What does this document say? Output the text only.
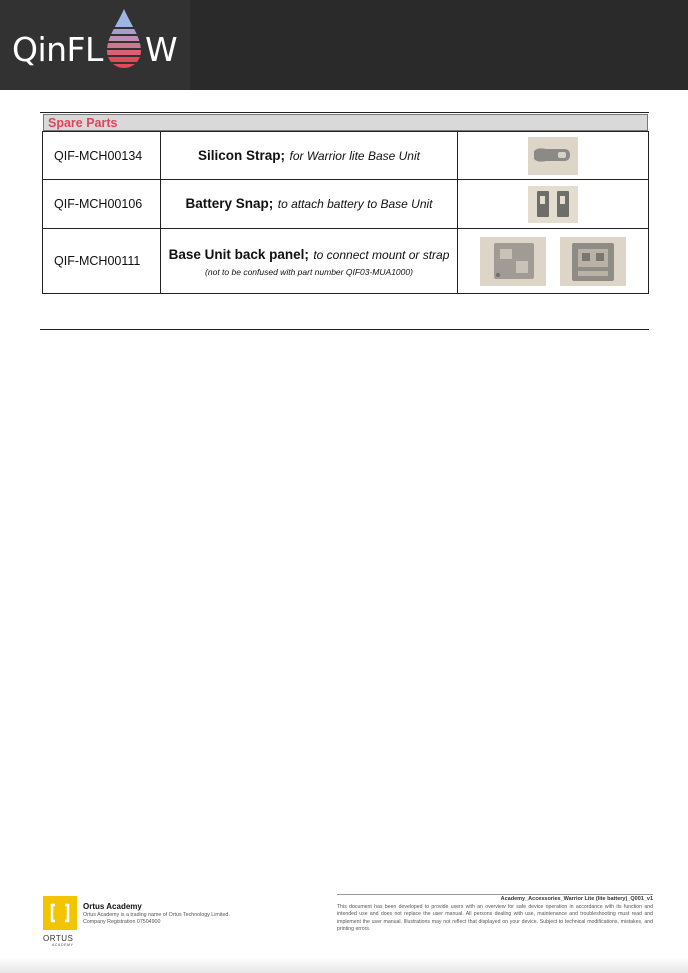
QinFL W
Spare Parts
QIF-MCH00134	Silicon Strap; for Warrior lite Base Unit	

QIF-MCH00106	Battery Snap; to attach battery to Base Unit	

QIF-MCH00111	Base Unit back panel; to connect mount or strap
(not to be confused with part number QIF03-MUA1000)

ORTUS
ACADEMY
Ortus Academy
Ortus Academy is a trading name of Ortus Technology Limited.
Company Registration 07504900
Academy_Accessories_Warrior Lite (lite battery)_Q001_v1
This document has been developed to provide users with an overview for safe device operation in accordance with its function and intended use and does not replace the user manual. All persons dealing with use, maintenance and troubleshooting must read and implement the user manual. Illustrations may not reflect that displayed on your device. Subject to technical modifications, mistakes, and printing errors.
